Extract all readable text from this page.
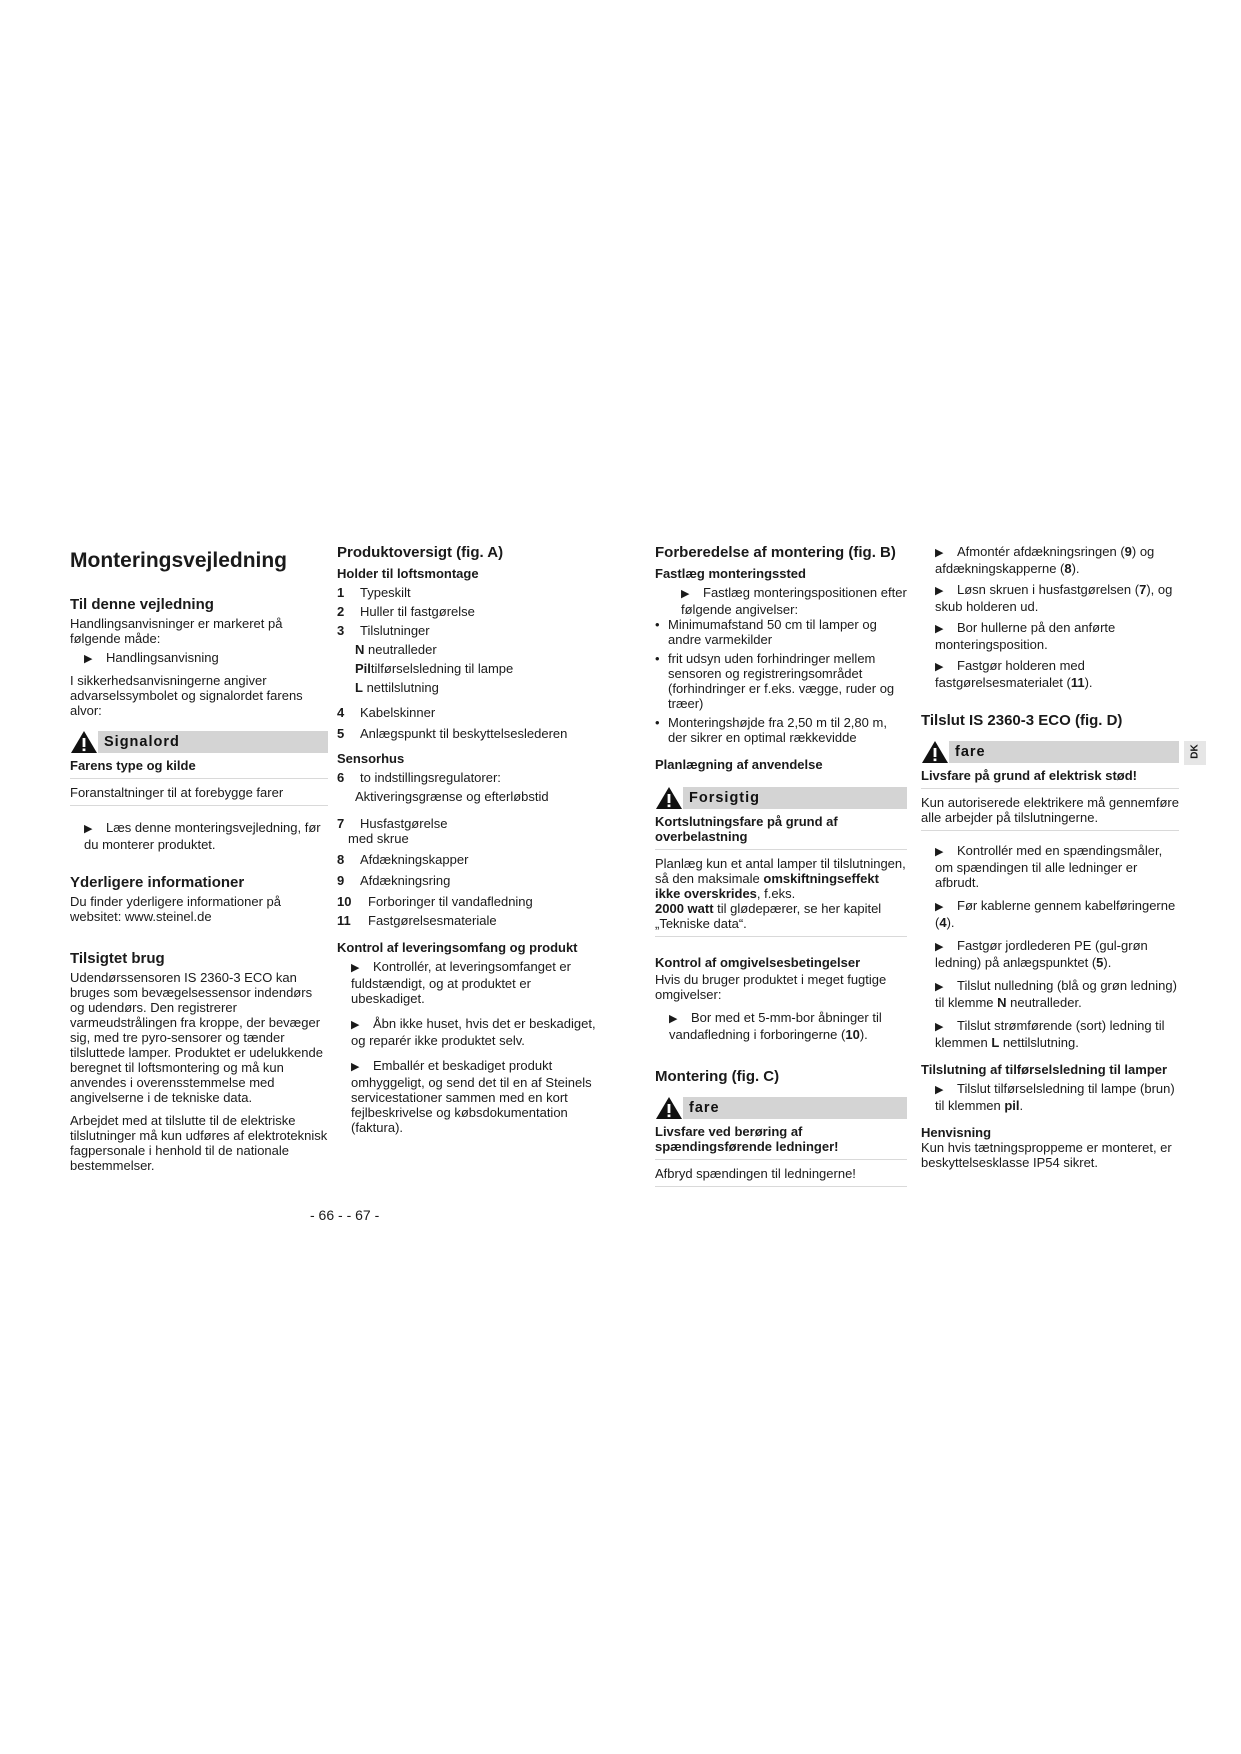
Monteringsvejledning
Til denne vejledning

Handlingsanvisninger er markeret på følgende måde:

▶ Handlingsanvisning

I sikkerhedsanvisningerne angiver advarselssymbolet og signalordet farens alvor:

Signalord
Farens type og kilde

Foranstaltninger til at forebygge farer

▶ Læs denne monteringsvejledning, før du monterer produktet.

Yderligere informationer

Du finder yderligere informationer på websitet: www.steinel.de

Tilsigtet brug

Udendørssensoren IS 2360-3 ECO kan bruges som bevægelsessensor indendørs og udendørs. Den registrerer varmeudstrålingen fra kroppe, der bevæger sig, med tre pyro-sensorer og tænder tilsluttede lamper. Produktet er udelukkende beregnet til loftsmontering og må kun anvendes i overensstemmelse med angivelserne i de tekniske data.

Arbejdet med at tilslutte til de elektriske tilslutninger må kun udføres af elektroteknisk fagpersonale i henhold til de nationale bestemmelser.

Produktoversigt (fig. A)
Holder til loftsmontage
1	Typeskilt
2	Huller til fastgørelse
3	Tilslutninger

N neutralleder

Piltilførselsledning til lampe

L nettilslutning

4	Kabelskinner
5	Anlægspunkt til beskyttelseslederen
Sensorhus
6	to indstillingsregulatorer:

Aktiveringsgrænse og efterløbstid

7	Husfastgørelse

med skrue

8	Afdækningskapper
9	Afdækningsring
10	Forboringer til vandafledning
11	Fastgørelsesmateriale
Kontrol af leveringsomfang og produkt

▶ Kontrollér, at leveringsomfanget er fuldstændigt, og at produktet er ubeskadiget.

▶ Åbn ikke huset, hvis det er beskadiget, og reparér ikke produktet selv.

▶ Emballér et beskadiget produkt omhyggeligt, og send det til en af Steinels servicestationer sammen med en kort fejlbeskrivelse og købsdokumentation (faktura).

Forberedelse af montering (fig. B)
Fastlæg monteringssted

▶ Fastlæg monteringspositionen efter følgende angivelser:

• Minimumafstand 50 cm til lamper og andre varmekilder
• frit udsyn uden forhindringer mellem sensoren og registreringsområdet (forhindringer er f.eks. vægge, ruder og træer)
• Monteringshøjde fra 2,50 m til 2,80 m, der sikrer en optimal rækkevidde
Planlægning af anvendelse
Forsigtig
Kortslutningsfare på grund af overbelastning

Planlæg kun et antal lamper til tilslutningen, så den maksimale omskiftningseffekt ikke overskrides, f.eks.
2000 watt til glødepærer, se her kapitel „Tekniske data“.

Kontrol af omgivelsesbetingelser

Hvis du bruger produktet i meget fugtige omgivelser:

▶ Bor med et 5-mm-bor åbninger til vandafledning i forboringerne (10).

Montering (fig. C)
fare
Livsfare ved berøring af spændingsførende ledninger!

Afbryd spændingen til ledningerne!

▶ Afmontér afdækningsringen (9) og afdækningskapperne (8).

▶ Løsn skruen i husfastgørelsen (7), og skub holderen ud.

▶ Bor hullerne på den anførte monteringsposition.

▶ Fastgør holderen med fastgørelsesmaterialet (11).

Tilslut IS 2360-3 ECO (fig. D)
fare
Livsfare på grund af elektrisk stød!

Kun autoriserede elektrikere må gennemføre alle arbejder på tilslutningerne.

▶ Kontrollér med en spændingsmåler, om spændingen til alle ledninger er afbrudt.

▶ Før kablerne gennem kabelføringerne (4).

▶ Fastgør jordlederen PE (gul-grøn ledning) på anlægspunktet (5).

▶ Tilslut nulledning (blå og grøn ledning) til klemme N neutralleder.

▶ Tilslut strømførende (sort) ledning til klemmen L nettilslutning.

Tilslutning af tilførselsledning til lamper

▶ Tilslut tilførselsledning til lampe (brun) til klemmen pil.

Henvisning

Kun hvis tætningsproppeme er monteret, er beskyttelsesklasse IP54 sikret.

DK
- 66 - - 67 -
